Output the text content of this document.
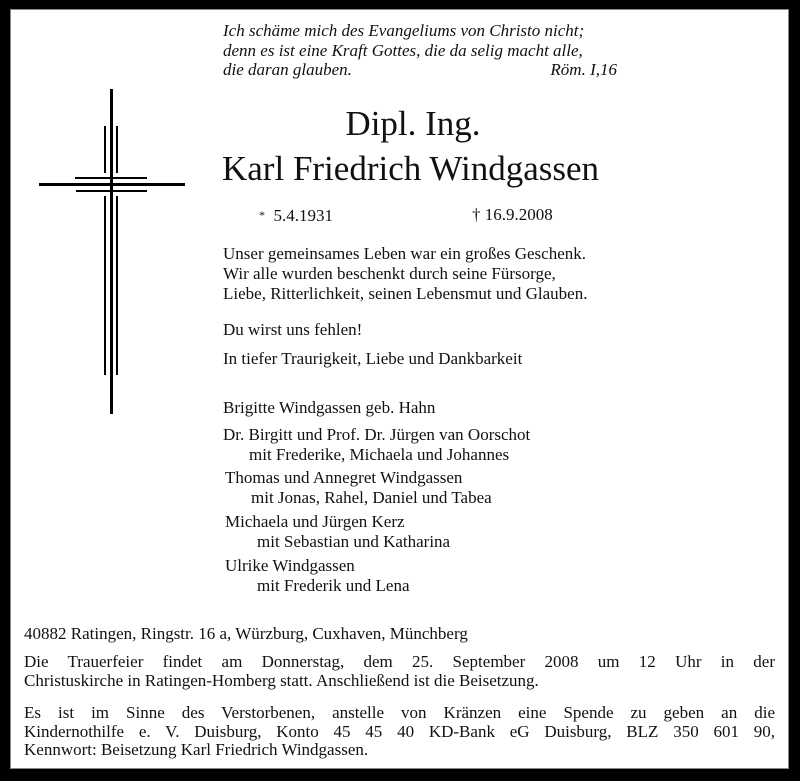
Ich schäme mich des Evangeliums von Christo nicht;
denn es ist eine Kraft Gottes, die da selig macht alle,
die daran glauben.	Röm. I,16
Dipl. Ing.
Karl Friedrich Windgassen
* 5.4.1931	† 16.9.2008
Unser gemeinsames Leben war ein großes Geschenk.
Wir alle wurden beschenkt durch seine Fürsorge,
Liebe, Ritterlichkeit, seinen Lebensmut und Glauben.
Du wirst uns fehlen!
In tiefer Traurigkeit, Liebe und Dankbarkeit
Brigitte Windgassen geb. Hahn
Dr. Birgitt und Prof. Dr. Jürgen van Oorschot
mit Frederike, Michaela und Johannes
Thomas und Annegret Windgassen
mit Jonas, Rahel, Daniel und Tabea
Michaela und Jürgen Kerz
mit Sebastian und Katharina
Ulrike Windgassen
mit Frederik und Lena
40882 Ratingen, Ringstr. 16 a, Würzburg, Cuxhaven, Münchberg
Die Trauerfeier findet am Donnerstag, dem 25. September 2008 um 12 Uhr in der
Christuskirche in Ratingen-Homberg statt. Anschließend ist die Beisetzung.
Es ist im Sinne des Verstorbenen, anstelle von Kränzen eine Spende zu geben an die
Kindernothilfe e. V. Duisburg, Konto 45 45 40 KD-Bank eG Duisburg, BLZ 350 601 90,
Kennwort: Beisetzung Karl Friedrich Windgassen.
